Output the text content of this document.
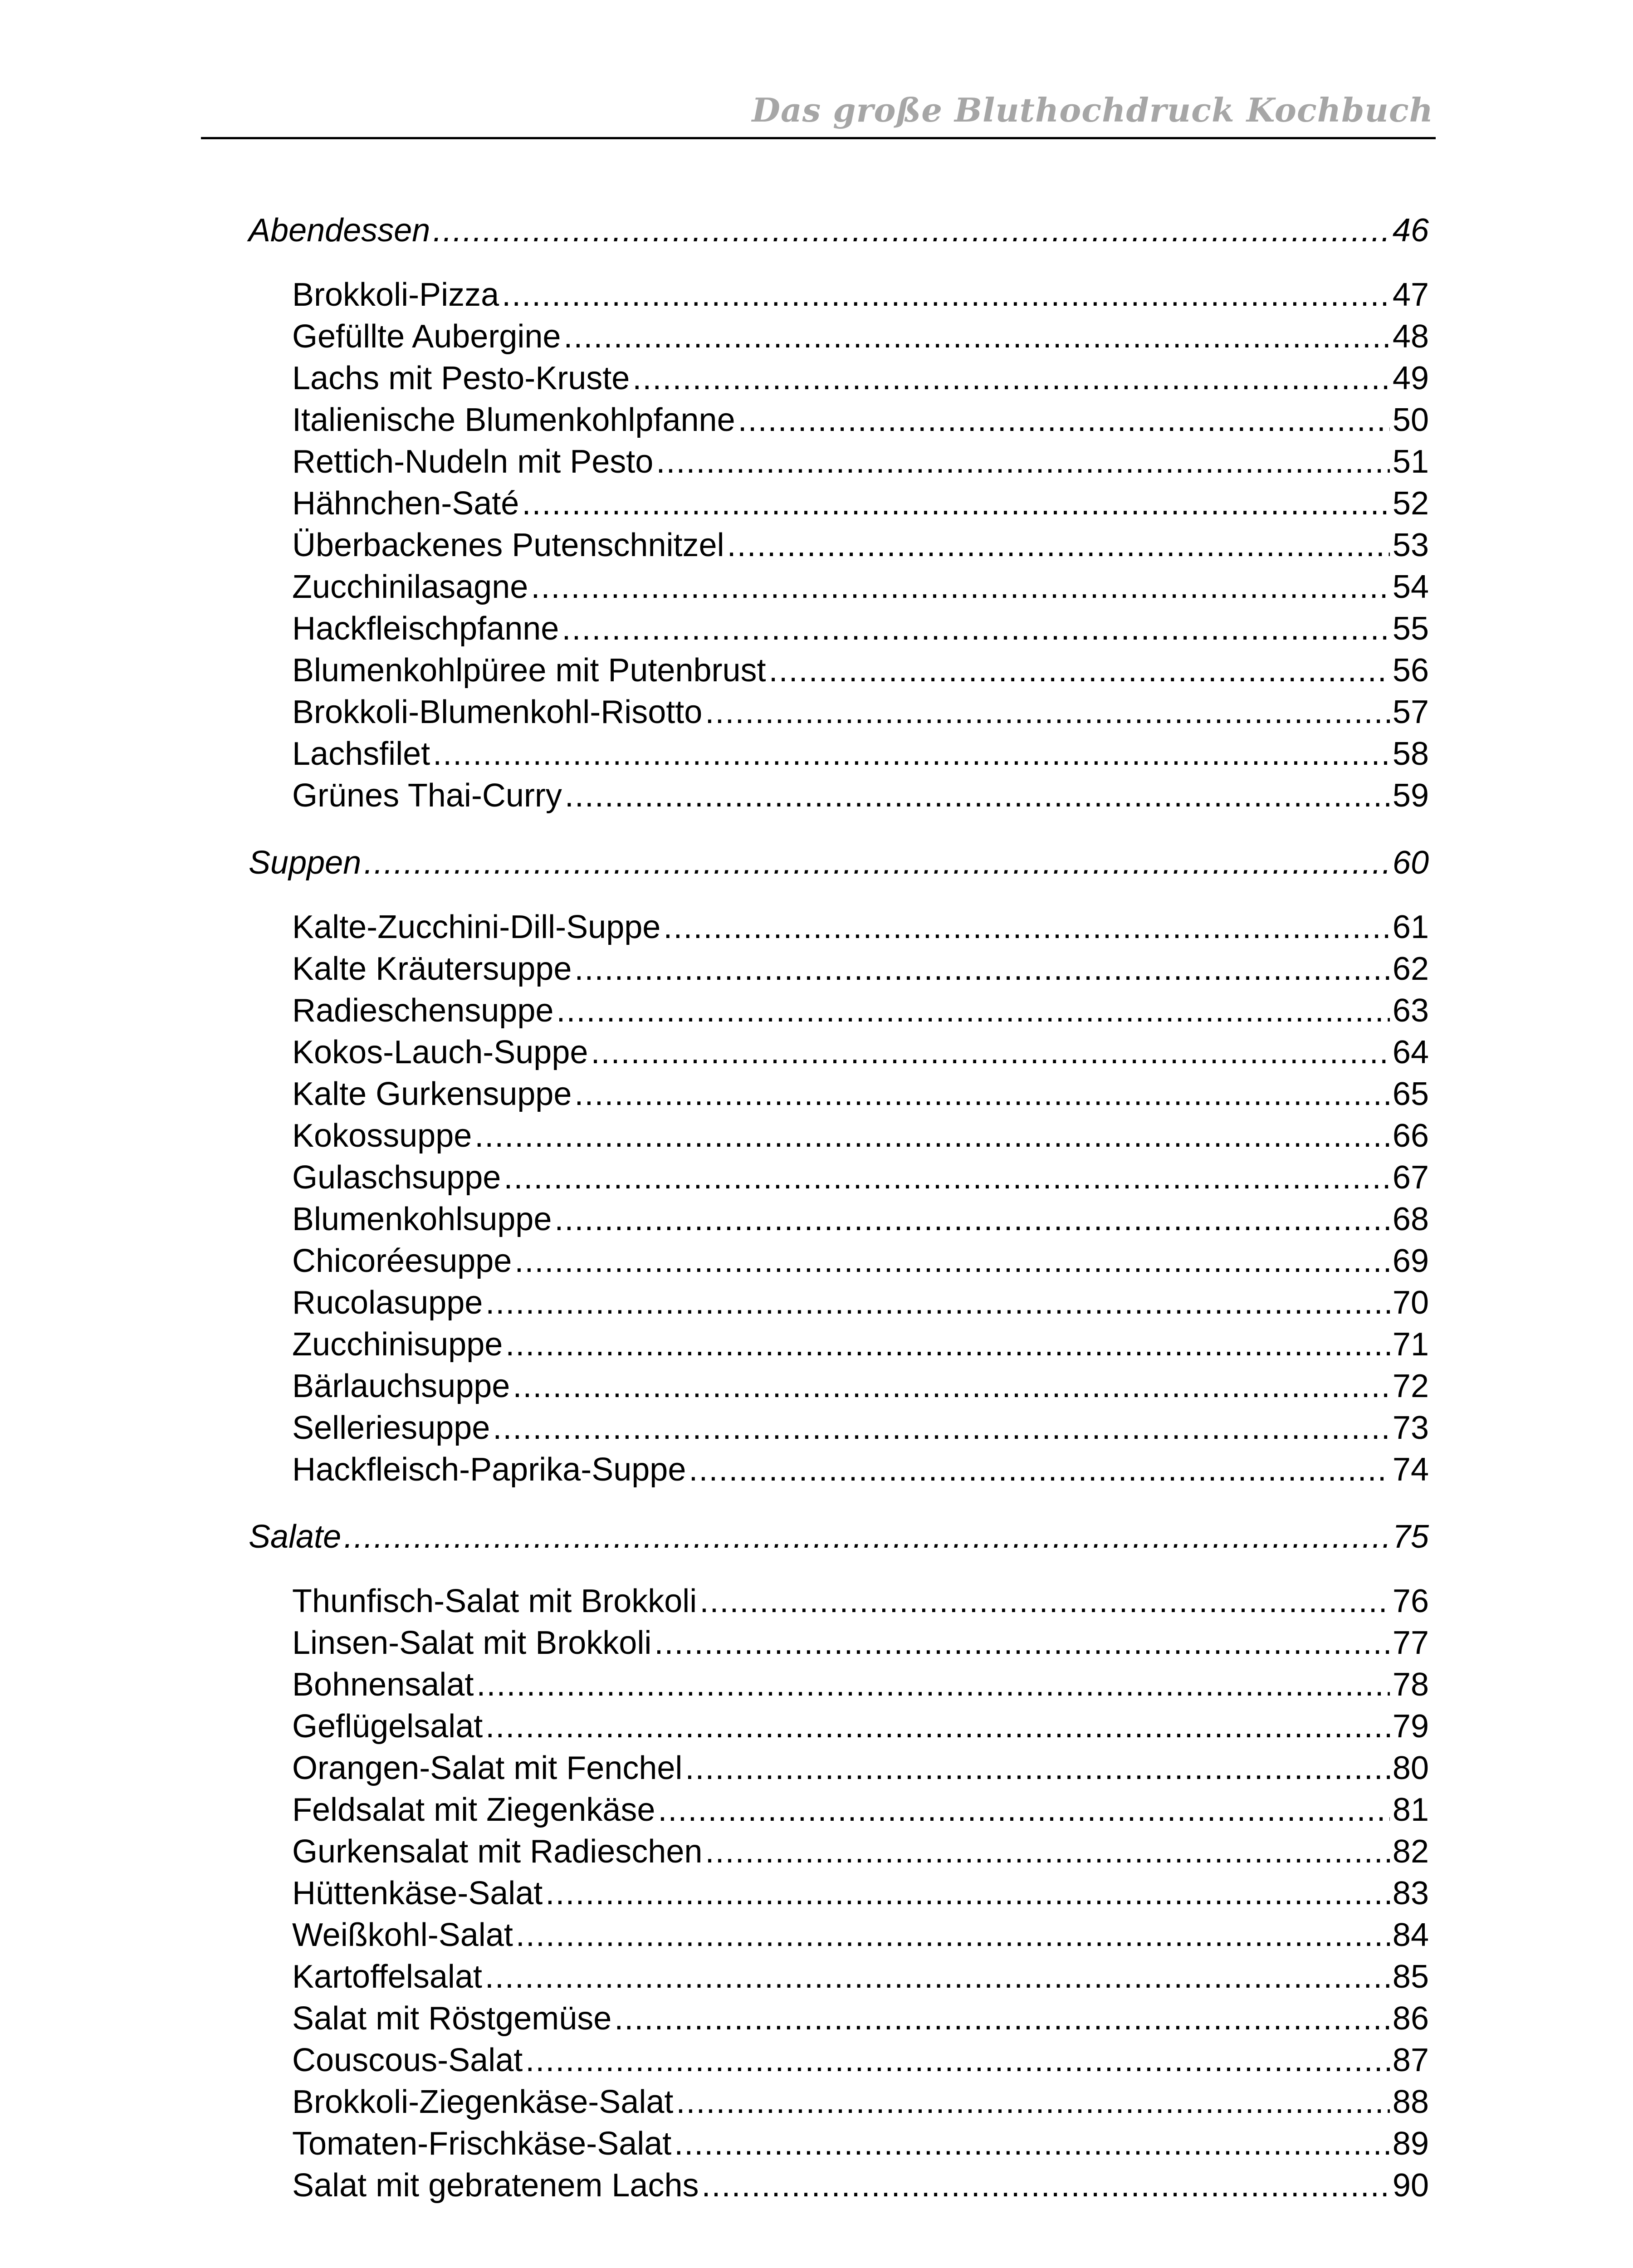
Das große Bluthochdruck Kochbuch
Abendessen .....	46
Brokkoli-Pizza .....	47
Gefüllte Aubergine .....	48
Lachs mit Pesto-Kruste .....	49
Italienische Blumenkohlpfanne .....	50
Rettich-Nudeln mit Pesto .....	51
Hähnchen-Saté .....	52
Überbackenes Putenschnitzel .....	53
Zucchinilasagne .....	54
Hackfleischpfanne .....	55
Blumenkohlpüree mit Putenbrust .....	56
Brokkoli-Blumenkohl-Risotto .....	57
Lachsfilet .....	58
Grünes Thai-Curry .....	59
Suppen .....	60
Kalte-Zucchini-Dill-Suppe .....	61
Kalte Kräutersuppe .....	62
Radieschensuppe .....	63
Kokos-Lauch-Suppe .....	64
Kalte Gurkensuppe .....	65
Kokossuppe .....	66
Gulaschsuppe .....	67
Blumenkohlsuppe .....	68
Chicoréesuppe .....	69
Rucolasuppe .....	70
Zucchinisuppe .....	71
Bärlauchsuppe .....	72
Selleriesuppe .....	73
Hackfleisch-Paprika-Suppe .....	74
Salate .....	75
Thunfisch-Salat mit Brokkoli .....	76
Linsen-Salat mit Brokkoli .....	77
Bohnensalat .....	78
Geflügelsalat .....	79
Orangen-Salat mit Fenchel .....	80
Feldsalat mit Ziegenkäse .....	81
Gurkensalat mit Radieschen .....	82
Hüttenkäse-Salat .....	83
Weißkohl-Salat .....	84
Kartoffelsalat .....	85
Salat mit Röstgemüse .....	86
Couscous-Salat .....	87
Brokkoli-Ziegenkäse-Salat .....	88
Tomaten-Frischkäse-Salat .....	89
Salat mit gebratenem Lachs .....	90
